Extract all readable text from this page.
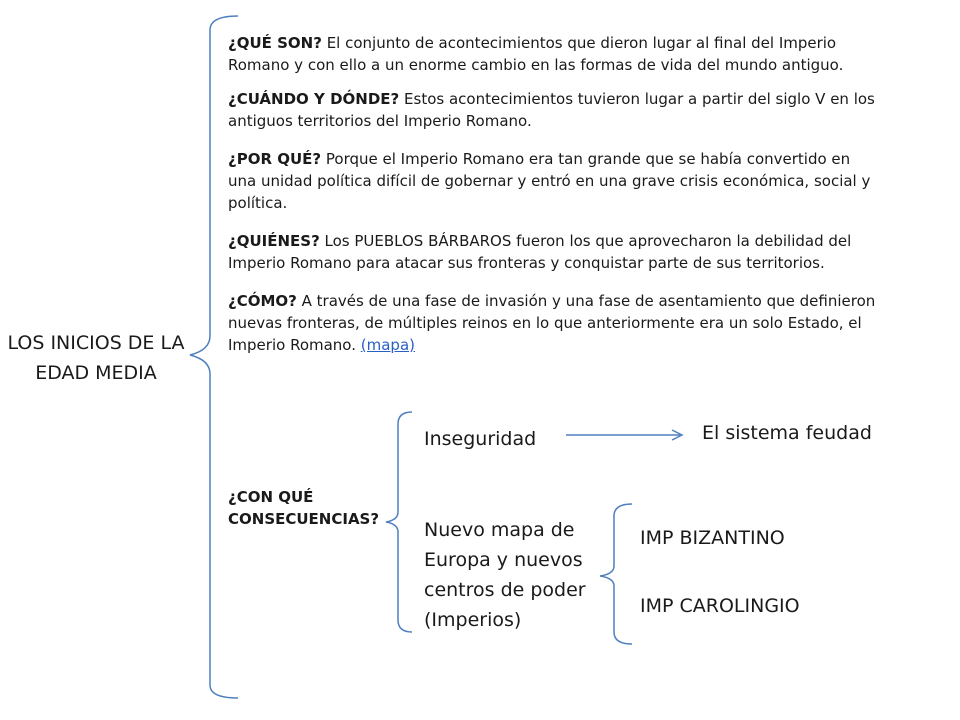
LOS INICIOS DE LA EDAD MEDIA
¿QUÉ SON? El conjunto de acontecimientos que dieron lugar al final del Imperio Romano y con ello a un enorme cambio en las formas de vida del mundo antiguo.
¿CUÁNDO Y DÓNDE? Estos acontecimientos tuvieron lugar a partir del siglo V en los antiguos territorios del Imperio Romano.
¿POR QUÉ? Porque el Imperio Romano era tan grande que se había convertido en una unidad política difícil de gobernar y entró en una grave crisis económica, social y política.
¿QUIÉNES? Los PUEBLOS BÁRBAROS fueron los que aprovecharon la debilidad del Imperio Romano para atacar sus fronteras y conquistar parte de sus territorios.
¿CÓMO? A través de una fase de invasión y una fase de asentamiento que definieron nuevas fronteras, de múltiples reinos en lo que anteriormente era un solo Estado, el Imperio Romano. (mapa)
¿CON QUÉ CONSECUENCIAS?
Inseguridad	El sistema feudad
Nuevo mapa de Europa y nuevos centros de poder (Imperios)
IMP BIZANTINO
IMP CAROLINGIO
